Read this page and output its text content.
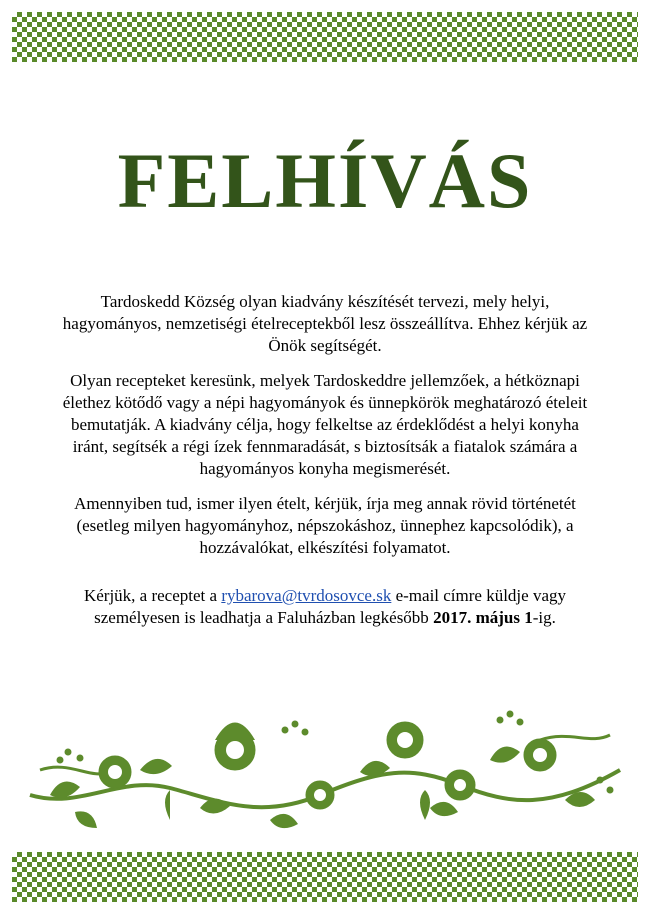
FELHÍVÁS

Tardoskedd Község olyan kiadvány készítését tervezi, mely helyi, hagyományos, nemzetiségi ételreceptekből lesz összeállítva. Ehhez kérjük az Önök segítségét.

Olyan recepteket keresünk, melyek Tardoskeddre jellemzőek, a hétköznapi élethez kötődő vagy a népi hagyományok és ünnepkörök meghatározó ételeit bemutatják. A kiadvány célja, hogy felkeltse az érdeklődést a helyi konyha iránt, segítsék a régi ízek fennmaradását, s biztosítsák a fiatalok számára a hagyományos konyha megismerését.

Amennyiben tud, ismer ilyen ételt, kérjük, írja meg annak rövid történetét (esetleg milyen hagyományhoz, népszokáshoz, ünnephez kapcsolódik), a hozzávalókat, elkészítési folyamatot.

Kérjük, a receptet a rybarova@tvrdosovce.sk e-mail címre küldje vagy személyesen is leadhatja a Faluházban legkésőbb 2017. május 1-ig.
